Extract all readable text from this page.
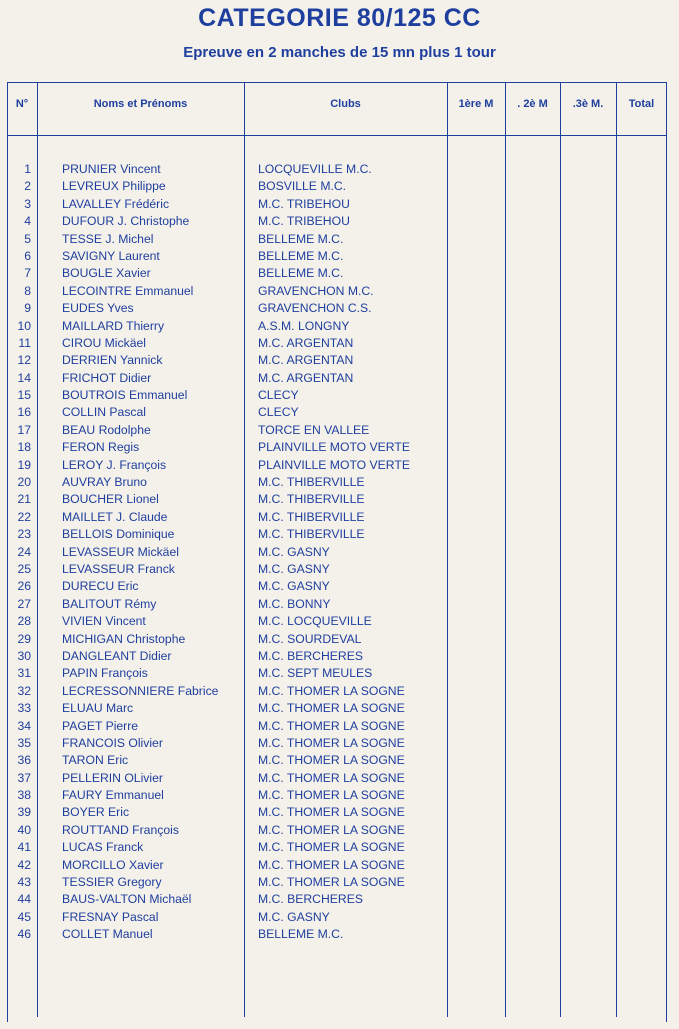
CATEGORIE 80/125 CC
Epreuve en 2 manches de 15 mn plus 1 tour
N°	Noms et Prénoms	Clubs	1ère M	. 2è M	.3è M.	Total
1	PRUNIER Vincent	LOCQUEVILLE M.C.
2	LEVREUX Philippe	BOSVILLE M.C.
3	LAVALLEY Frédéric	M.C. TRIBEHOU
4	DUFOUR J. Christophe	M.C. TRIBEHOU
5	TESSE J. Michel	BELLEME M.C.
6	SAVIGNY Laurent	BELLEME M.C.
7	BOUGLE Xavier	BELLEME M.C.
8	LECOINTRE Emmanuel	GRAVENCHON M.C.
9	EUDES Yves	GRAVENCHON C.S.
10	MAILLARD Thierry	A.S.M. LONGNY
11	CIROU Mickäel	M.C. ARGENTAN
12	DERRIEN Yannick	M.C. ARGENTAN
14	FRICHOT Didier	M.C. ARGENTAN
15	BOUTROIS Emmanuel	CLECY
16	COLLIN Pascal	CLECY
17	BEAU Rodolphe	TORCE EN VALLEE
18	FERON Regis	PLAINVILLE MOTO VERTE
19	LEROY J. François	PLAINVILLE MOTO VERTE
20	AUVRAY Bruno	M.C. THIBERVILLE
21	BOUCHER Lionel	M.C. THIBERVILLE
22	MAILLET J. Claude	M.C. THIBERVILLE
23	BELLOIS Dominique	M.C. THIBERVILLE
24	LEVASSEUR Mickäel	M.C. GASNY
25	LEVASSEUR Franck	M.C. GASNY
26	DURECU Eric	M.C. GASNY
27	BALITOUT Rémy	M.C. BONNY
28	VIVIEN Vincent	M.C. LOCQUEVILLE
29	MICHIGAN Christophe	M.C. SOURDEVAL
30	DANGLEANT Didier	M.C. BERCHERES
31	PAPIN François	M.C. SEPT MEULES
32	LECRESSONNIERE Fabrice	M.C. THOMER LA SOGNE
33	ELUAU Marc	M.C. THOMER LA SOGNE
34	PAGET Pierre	M.C. THOMER LA SOGNE
35	FRANCOIS Olivier	M.C. THOMER LA SOGNE
36	TARON Eric	M.C. THOMER LA SOGNE
37	PELLERIN OLivier	M.C. THOMER LA SOGNE
38	FAURY Emmanuel	M.C. THOMER LA SOGNE
39	BOYER Eric	M.C. THOMER LA SOGNE
40	ROUTTAND François	M.C. THOMER LA SOGNE
41	LUCAS Franck	M.C. THOMER LA SOGNE
42	MORCILLO Xavier	M.C. THOMER LA SOGNE
43	TESSIER Gregory	M.C. THOMER LA SOGNE
44	BAUS-VALTON Michaël	M.C. BERCHERES
45	FRESNAY Pascal	M.C. GASNY
46	COLLET Manuel	BELLEME M.C.
